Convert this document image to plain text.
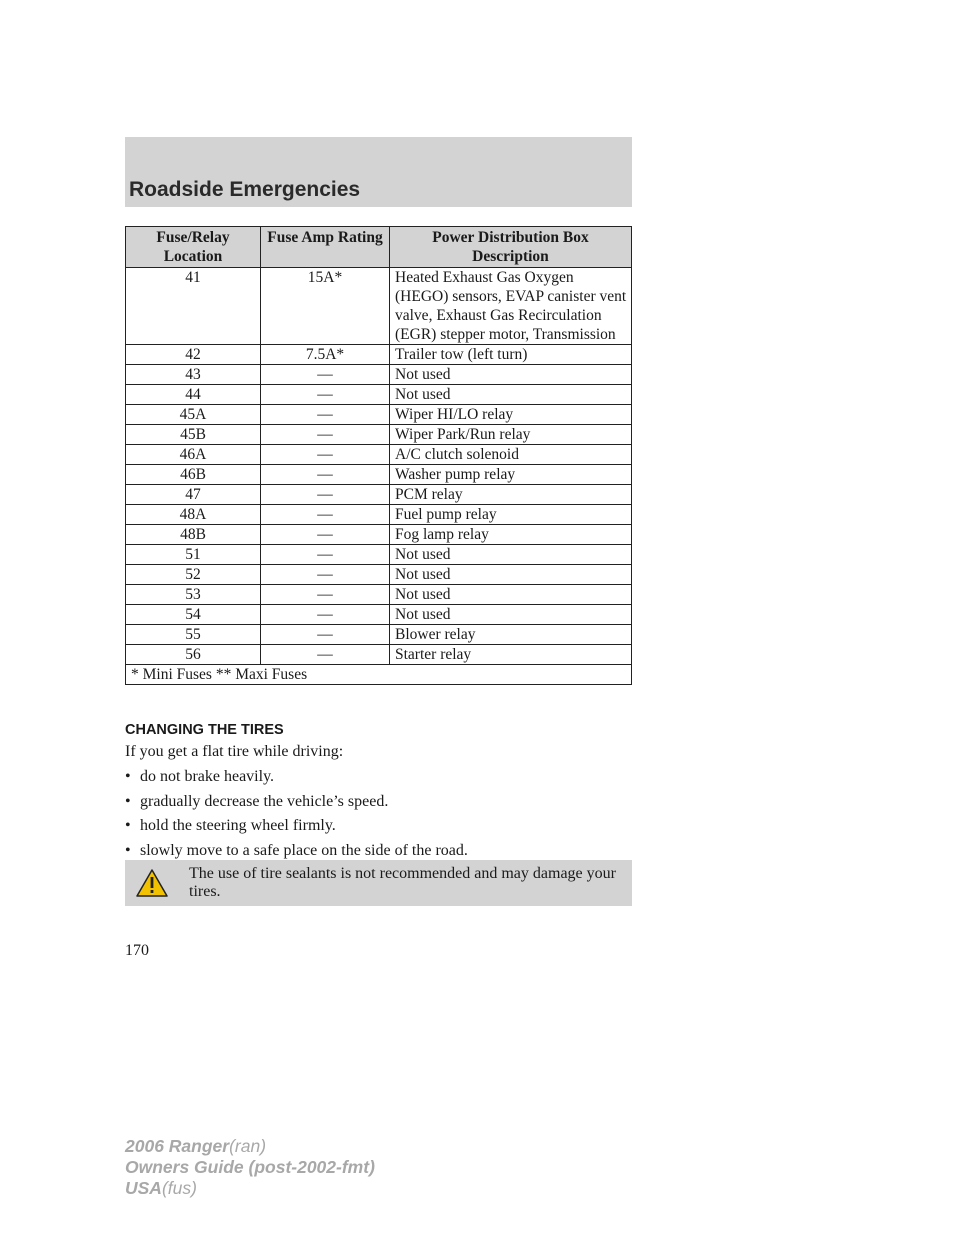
Roadside Emergencies
Fuse/Relay Location	Fuse Amp Rating	Power Distribution Box Description
41	15A*	Heated Exhaust Gas Oxygen (HEGO) sensors, EVAP canister vent valve, Exhaust Gas Recirculation (EGR) stepper motor, Transmission
42	7.5A*	Trailer tow (left turn)
43	—	Not used
44	—	Not used
45A	—	Wiper HI/LO relay
45B	—	Wiper Park/Run relay
46A	—	A/C clutch solenoid
46B	—	Washer pump relay
47	—	PCM relay
48A	—	Fuel pump relay
48B	—	Fog lamp relay
51	—	Not used
52	—	Not used
53	—	Not used
54	—	Not used
55	—	Blower relay
56	—	Starter relay
* Mini Fuses ** Maxi Fuses		
CHANGING THE TIRES
If you get a flat tire while driving:
• do not brake heavily.
• gradually decrease the vehicle’s speed.
• hold the steering wheel firmly.
• slowly move to a safe place on the side of the road.
The use of tire sealants is not recommended and may damage your tires.
170
2006 Ranger(ran)
Owners Guide (post-2002-fmt)
USA(fus)
